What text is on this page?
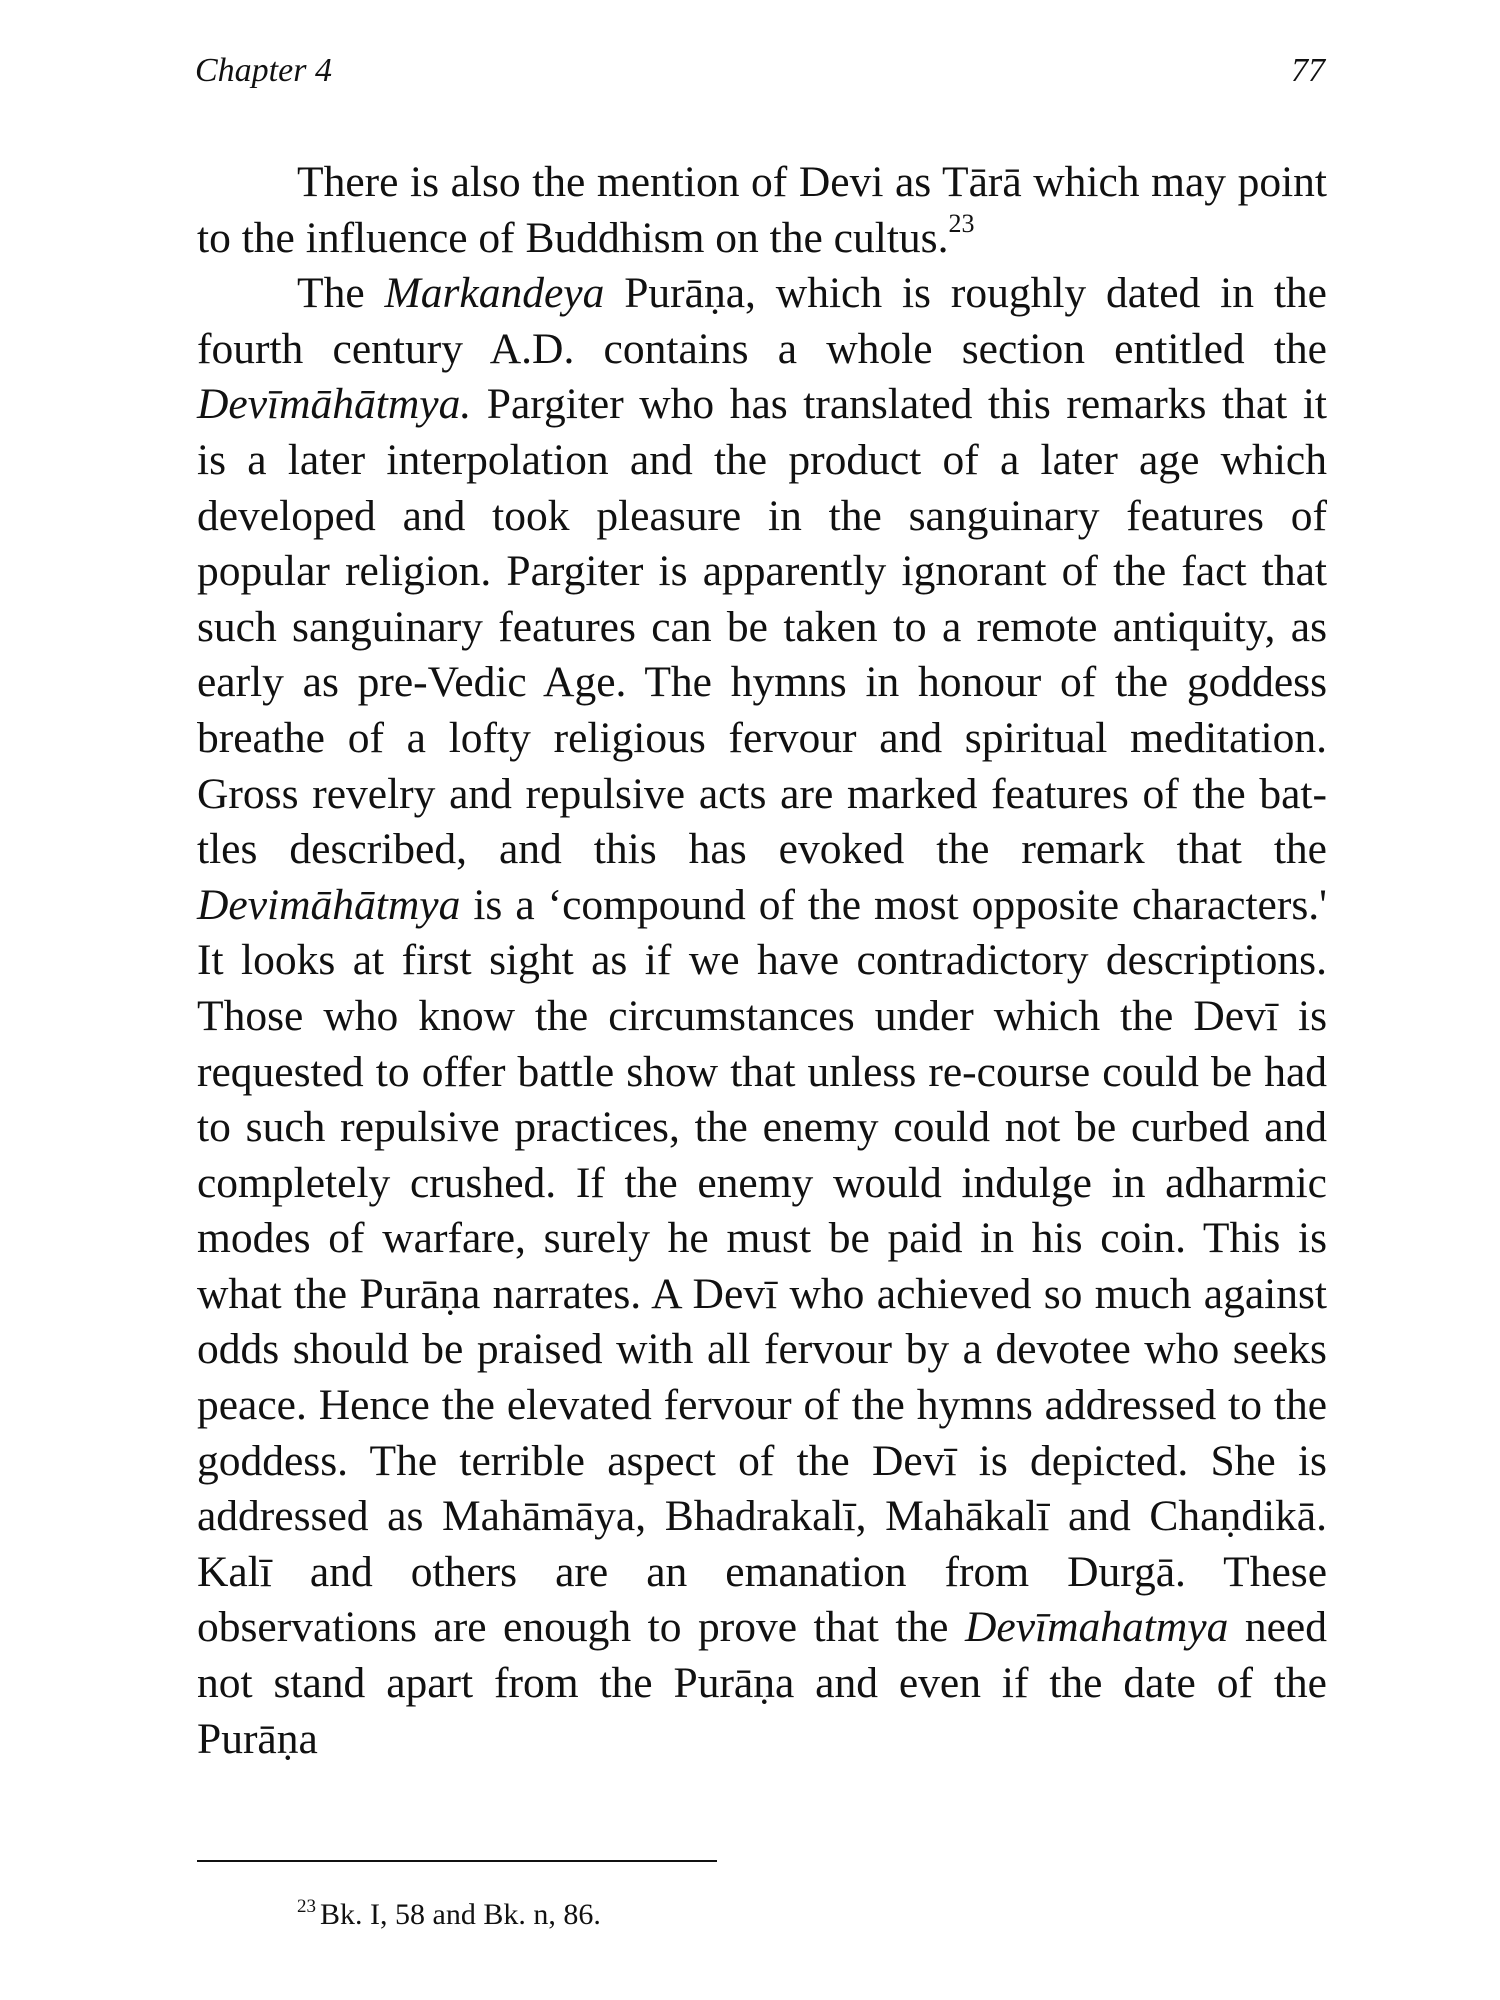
Chapter 4	77

There is also the mention of Devi as Tārā which may point to the influence of Buddhism on the cultus.$^{23}$

The Markandeya Purāṇa, which is roughly dated in the fourth century A.D. contains a whole section entitled the Devīmāhātmya. Pargiter who has translated this remarks that it is a later interpolation and the product of a later age which developed and took pleasure in the sanguinary features of popular religion. Pargiter is apparently ignorant of the fact that such sanguinary features can be taken to a remote antiquity, as early as pre-Vedic Age. The hymns in honour of the goddess breathe of a lofty religious fervour and spiritual meditation. Gross revelry and repulsive acts are marked features of the battles described, and this has evoked the remark that the Devimāhātmya is a ‘compound of the most opposite characters.' It looks at first sight as if we have contradictory descriptions. Those who know the circumstances under which the Devī is requested to offer battle show that unless re-course could be had to such repulsive practices, the enemy could not be curbed and completely crushed. If the enemy would indulge in adharmic modes of warfare, surely he must be paid in his coin. This is what the Purāṇa narrates. A Devī who achieved so much against odds should be praised with all fervour by a devotee who seeks peace. Hence the elevated fervour of the hymns addressed to the goddess. The terrible aspect of the Devī is depicted. She is addressed as Mahāmāya, Bhadrakalī, Mahākalī and Chaṇdikā. Kalī and others are an emanation from Durgā. These observations are enough to prove that the Devīmahatmya need not stand apart from the Purāṇa and even if the date of the Purāṇa

$^{23}$ Bk. I, 58 and Bk. n, 86.
